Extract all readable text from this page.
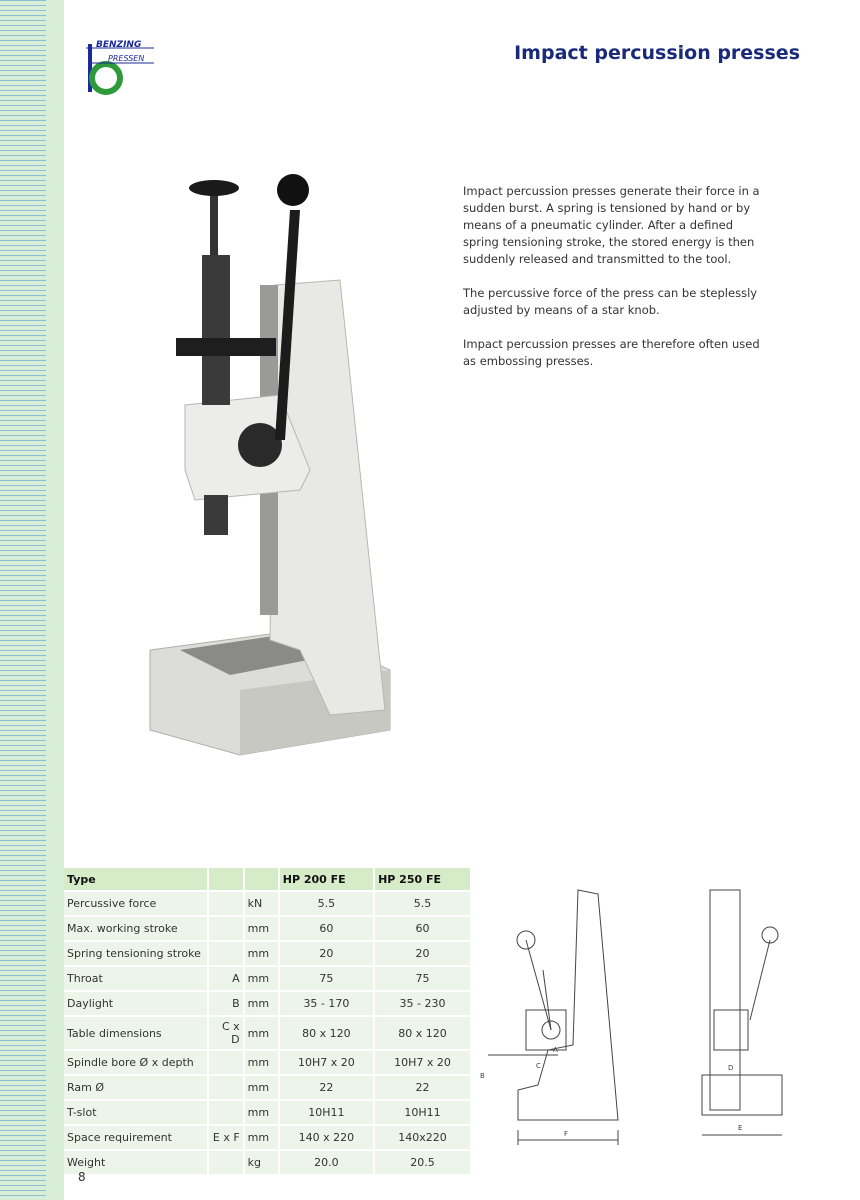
BENZING
PRESSEN	Impact percussion presses

Impact percussion presses generate their force in a sudden burst. A spring is tensioned by hand or by means of a pneumatic cylinder. After a defined spring tensioning stroke, the stored energy is then suddenly released and transmitted to the tool.

The percussive force of the press can be steplessly adjusted by means of a star knob.

Impact percussion presses are therefore often used as embossing presses.

Type			HP 200 FE	HP 250 FE
Percussive force		kN	5.5	5.5
Max. working stroke		mm	60	60
Spring tensioning stroke		mm	20	20
Throat	A	mm	75	75
Daylight	B	mm	35 - 170	35 - 230
Table dimensions	C x D	mm	80 x 120	80 x 120
Spindle bore Ø x depth		mm	10H7 x 20	10H7 x 20
Ram Ø		mm	22	22
T-slot		mm	10H11	10H11
Space requirement	E x F	mm	140 x 220	140x220
Weight		kg	20.0	20.5
F
A
C
B
E
D
8
